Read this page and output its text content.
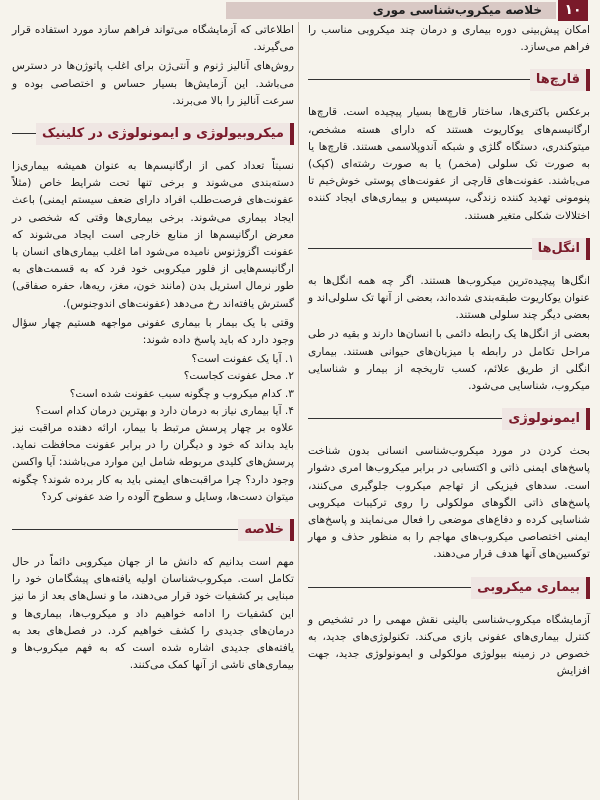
خلاصه میکروب‌شناسی موری	۱۰

امکان پیش‌بینی دوره بیماری و درمان چند میکروبی مناسب را فراهم می‌سازد.

قارچ‌ها

برعکس باکتری‌ها، ساختار قارچ‌ها بسیار پیچیده است. قارچ‌ها ارگانیسم‌های یوکاریوت هستند که دارای هسته مشخص، میتوکندری، دستگاه گلژی و شبکه آندوپلاسمی هستند. قارچ‌ها یا به صورت تک سلولی (مخمر) یا به صورت رشته‌ای (کپک) می‌باشند. عفونت‌های قارچی از عفونت‌های پوستی خوش‌خیم تا پنومونی تهدید کننده زندگی، سپسیس و بیماری‌های ایجاد کننده اختلالات شکلی متغیر هستند.

انگل‌ها

انگل‌ها پیچیده‌ترین میکروب‌ها هستند. اگر چه همه انگل‌ها به عنوان یوکاریوت طبقه‌بندی شده‌اند، بعضی از آنها تک سلولی‌اند و بعضی دیگر چند سلولی هستند.

بعضی از انگل‌ها یک رابطه دائمی با انسان‌ها دارند و بقیه در طی مراحل تکامل در رابطه با میزبان‌های حیوانی هستند. بیماری انگلی از طریق علائم، کسب تاریخچه از بیمار و شناسایی میکروب، شناسایی می‌شود.

ایمونولوژی

بحث کردن در مورد میکروب‌شناسی انسانی بدون شناخت پاسخ‌های ایمنی ذاتی و اکتسابی در برابر میکروب‌ها امری دشوار است. سدهای فیزیکی از تهاجم میکروب جلوگیری می‌کنند، پاسخ‌های ذاتی الگوهای مولکولی را روی ترکیبات میکروبی شناسایی کرده و دفاع‌های موضعی را فعال می‌نمایند و پاسخ‌های ایمنی اختصاصی میکروب‌های مهاجم را به منظور حذف و مهار توکسین‌های آنها هدف قرار می‌دهند.

بیماری میکروبی

آزمایشگاه میکروب‌شناسی بالینی نقش مهمی را در تشخیص و کنترل بیماری‌های عفونی بازی می‌کند. تکنولوژی‌های جدید، به خصوص در زمینه بیولوژی مولکولی و ایمونولوژی جدید، جهت افزایش

اطلاعاتی که آزمایشگاه می‌تواند فراهم سازد مورد استفاده قرار می‌گیرند.

روش‌های آنالیز ژنوم و آنتی‌ژن برای اغلب پاتوژن‌ها در دسترس می‌باشد. این آزمایش‌ها بسیار حساس و اختصاصی بوده و سرعت آنالیز را بالا می‌برند.

میکروبیولوژی و ایمونولوژی در کلینیک

نسبتاً تعداد کمی از ارگانیسم‌ها به عنوان همیشه بیماری‌زا دسته‌بندی می‌شوند و برخی تنها تحت شرایط خاص (مثلاً عفونت‌های فرصت‌طلب افراد دارای ضعف سیستم ایمنی) باعث ایجاد بیماری می‌شوند. برخی بیماری‌ها وقتی که شخصی در معرض ارگانیسم‌ها از منابع خارجی است ایجاد می‌شوند که عفونت اگزوژنوس نامیده می‌شود اما اغلب بیماری‌های انسان با ارگانیسم‌هایی از فلور میکروبی خود فرد که به قسمت‌های به طور نرمال استریل بدن (مانند خون، مغز، ریه‌ها، حفره صفاقی) گسترش یافته‌اند رخ می‌دهد (عفونت‌های اندوجنوس).

وقتی با یک بیمار با بیماری عفونی مواجهه هستیم چهار سؤال وجود دارد که باید پاسخ داده شوند:

۱. آیا یک عفونت است؟
۲. محل عفونت کجاست؟
۳. کدام میکروب و چگونه سبب عفونت شده است؟
۴. آیا بیماری نیاز به درمان دارد و بهترین درمان کدام است؟

علاوه بر چهار پرسش مرتبط با بیمار، ارائه دهنده مراقبت نیز باید بداند که خود و دیگران را در برابر عفونت محافظت نماید. پرسش‌های کلیدی مربوطه شامل این موارد می‌باشند: آیا واکسن وجود دارد؟ چرا مراقبت‌های ایمنی باید به کار برده شوند؟ چگونه میتوان دست‌ها، وسایل و سطوح آلوده را ضد عفونی کرد؟

خلاصه

مهم است بدانیم که دانش ما از جهان میکروبی دائماً در حال تکامل است. میکروب‌شناسان اولیه یافته‌های پیشگامان خود را مبنایی بر کشفیات خود قرار می‌دهند، ما و نسل‌های بعد از ما نیز این کشفیات را ادامه خواهیم داد و میکروب‌ها، بیماری‌ها و درمان‌های جدیدی را کشف خواهیم کرد. در فصل‌های بعد به یافته‌های جدیدی اشاره شده است که به فهم میکروب‌ها و بیماری‌های ناشی از آنها کمک می‌کنند.
